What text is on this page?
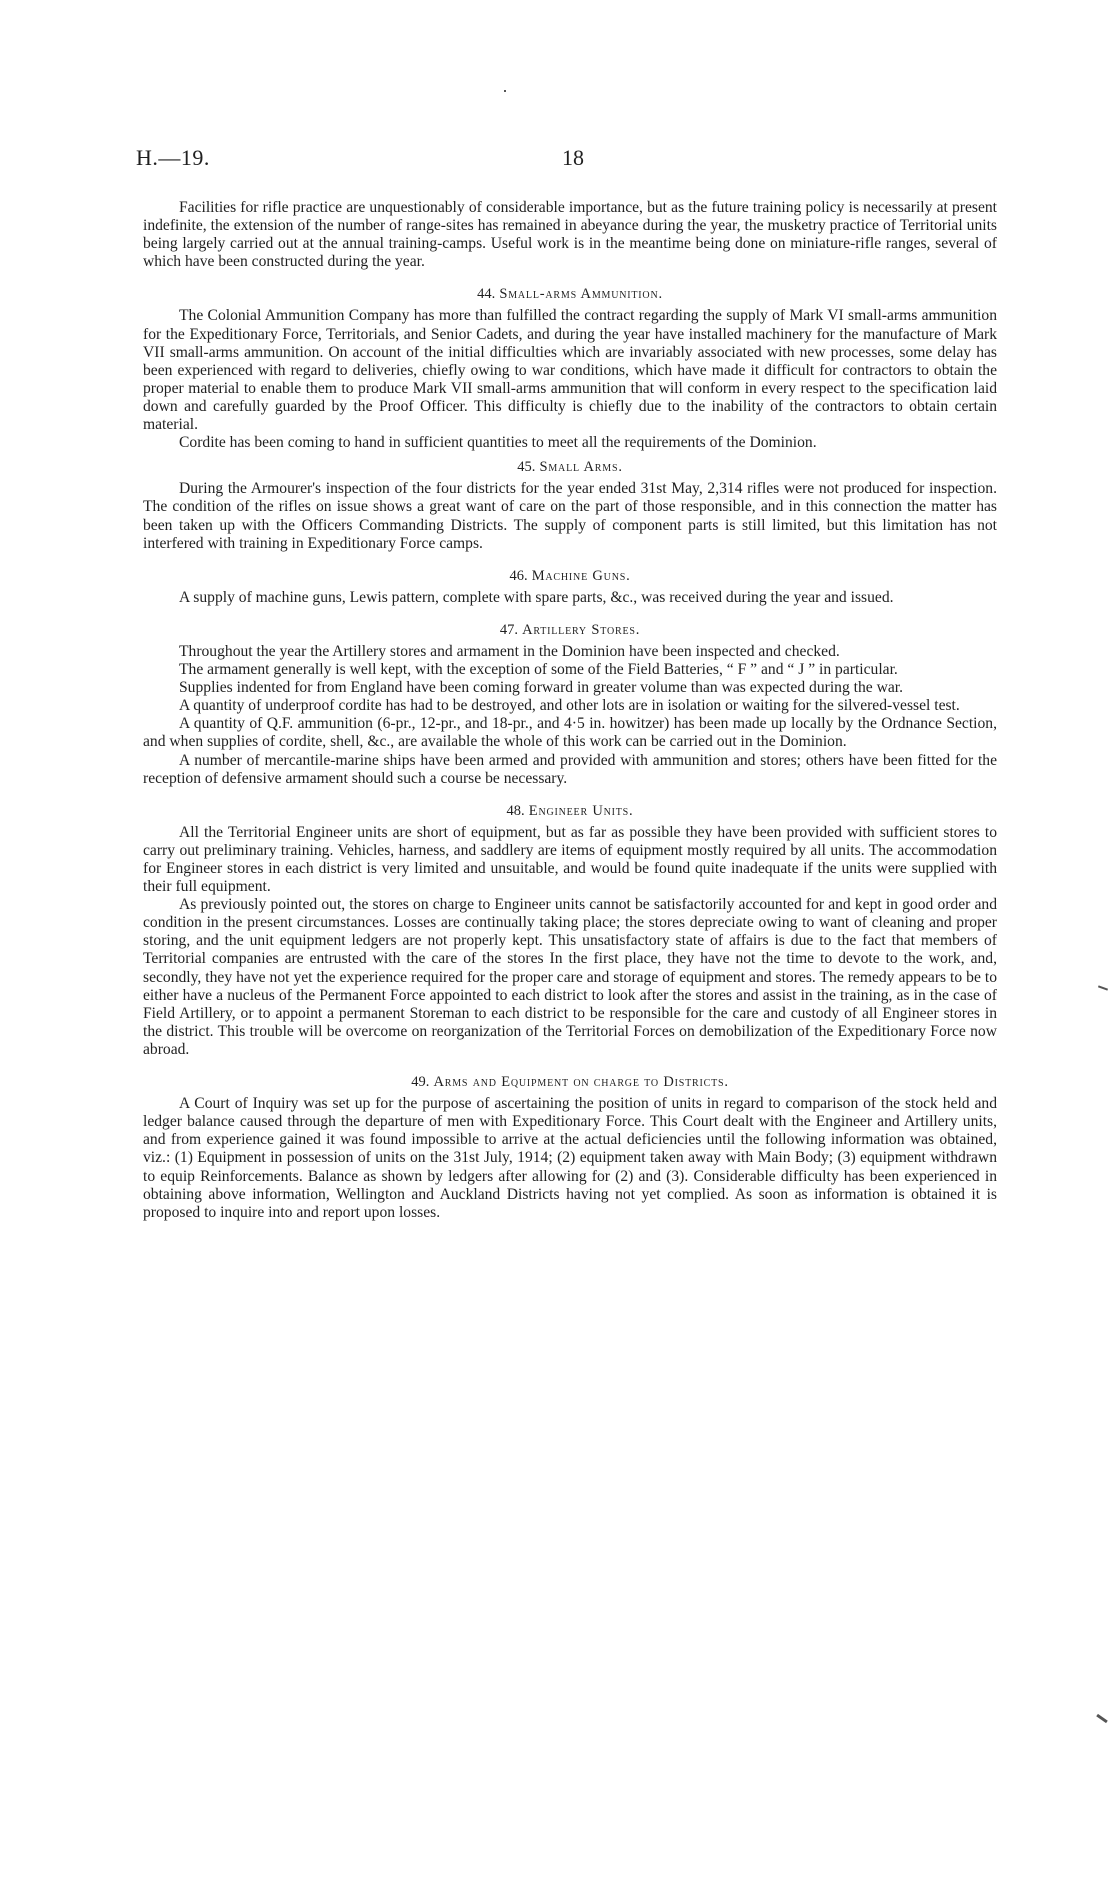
H.—19.	18

Facilities for rifle practice are unquestionably of considerable importance, but as the future training policy is necessarily at present indefinite, the extension of the number of range-sites has remained in abeyance during the year, the musketry practice of Territorial units being largely carried out at the annual training-camps. Useful work is in the meantime being done on miniature-rifle ranges, several of which have been constructed during the year.

44. Small-arms Ammunition.

The Colonial Ammunition Company has more than fulfilled the contract regarding the supply of Mark VI small-arms ammunition for the Expeditionary Force, Territorials, and Senior Cadets, and during the year have installed machinery for the manufacture of Mark VII small-arms ammunition. On account of the initial difficulties which are invariably associated with new processes, some delay has been experienced with regard to deliveries, chiefly owing to war conditions, which have made it difficult for contractors to obtain the proper material to enable them to produce Mark VII small-arms ammunition that will conform in every respect to the specification laid down and carefully guarded by the Proof Officer. This difficulty is chiefly due to the inability of the contractors to obtain certain material.

Cordite has been coming to hand in sufficient quantities to meet all the requirements of the Dominion.

45. Small Arms.

During the Armourer's inspection of the four districts for the year ended 31st May, 2,314 rifles were not produced for inspection. The condition of the rifles on issue shows a great want of care on the part of those responsible, and in this connection the matter has been taken up with the Officers Commanding Districts. The supply of component parts is still limited, but this limitation has not interfered with training in Expeditionary Force camps.

46. Machine Guns.

A supply of machine guns, Lewis pattern, complete with spare parts, &c., was received during the year and issued.

47. Artillery Stores.

Throughout the year the Artillery stores and armament in the Dominion have been inspected and checked.

The armament generally is well kept, with the exception of some of the Field Batteries, “ F ” and “ J ” in particular.

Supplies indented for from England have been coming forward in greater volume than was expected during the war.

A quantity of underproof cordite has had to be destroyed, and other lots are in isolation or waiting for the silvered-vessel test.

A quantity of Q.F. ammunition (6-pr., 12-pr., and 18-pr., and 4·5 in. howitzer) has been made up locally by the Ordnance Section, and when supplies of cordite, shell, &c., are available the whole of this work can be carried out in the Dominion.

A number of mercantile-marine ships have been armed and provided with ammunition and stores; others have been fitted for the reception of defensive armament should such a course be necessary.

48. Engineer Units.

All the Territorial Engineer units are short of equipment, but as far as possible they have been provided with sufficient stores to carry out preliminary training. Vehicles, harness, and saddlery are items of equipment mostly required by all units. The accommodation for Engineer stores in each district is very limited and unsuitable, and would be found quite inadequate if the units were supplied with their full equipment.

As previously pointed out, the stores on charge to Engineer units cannot be satisfactorily accounted for and kept in good order and condition in the present circumstances. Losses are continually taking place; the stores depreciate owing to want of cleaning and proper storing, and the unit equipment ledgers are not properly kept. This unsatisfactory state of affairs is due to the fact that members of Territorial companies are entrusted with the care of the stores In the first place, they have not the time to devote to the work, and, secondly, they have not yet the experience required for the proper care and storage of equipment and stores. The remedy appears to be to either have a nucleus of the Permanent Force appointed to each district to look after the stores and assist in the training, as in the case of Field Artillery, or to appoint a permanent Storeman to each district to be responsible for the care and custody of all Engineer stores in the district. This trouble will be overcome on reorganization of the Territorial Forces on demobilization of the Expeditionary Force now abroad.

49. Arms and Equipment on charge to Districts.

A Court of Inquiry was set up for the purpose of ascertaining the position of units in regard to comparison of the stock held and ledger balance caused through the departure of men with Expeditionary Force. This Court dealt with the Engineer and Artillery units, and from experience gained it was found impossible to arrive at the actual deficiencies until the following information was obtained, viz.: (1) Equipment in possession of units on the 31st July, 1914; (2) equipment taken away with Main Body; (3) equipment withdrawn to equip Reinforcements. Balance as shown by ledgers after allowing for (2) and (3). Considerable difficulty has been experienced in obtaining above information, Wellington and Auckland Districts having not yet complied. As soon as information is obtained it is proposed to inquire into and report upon losses.
